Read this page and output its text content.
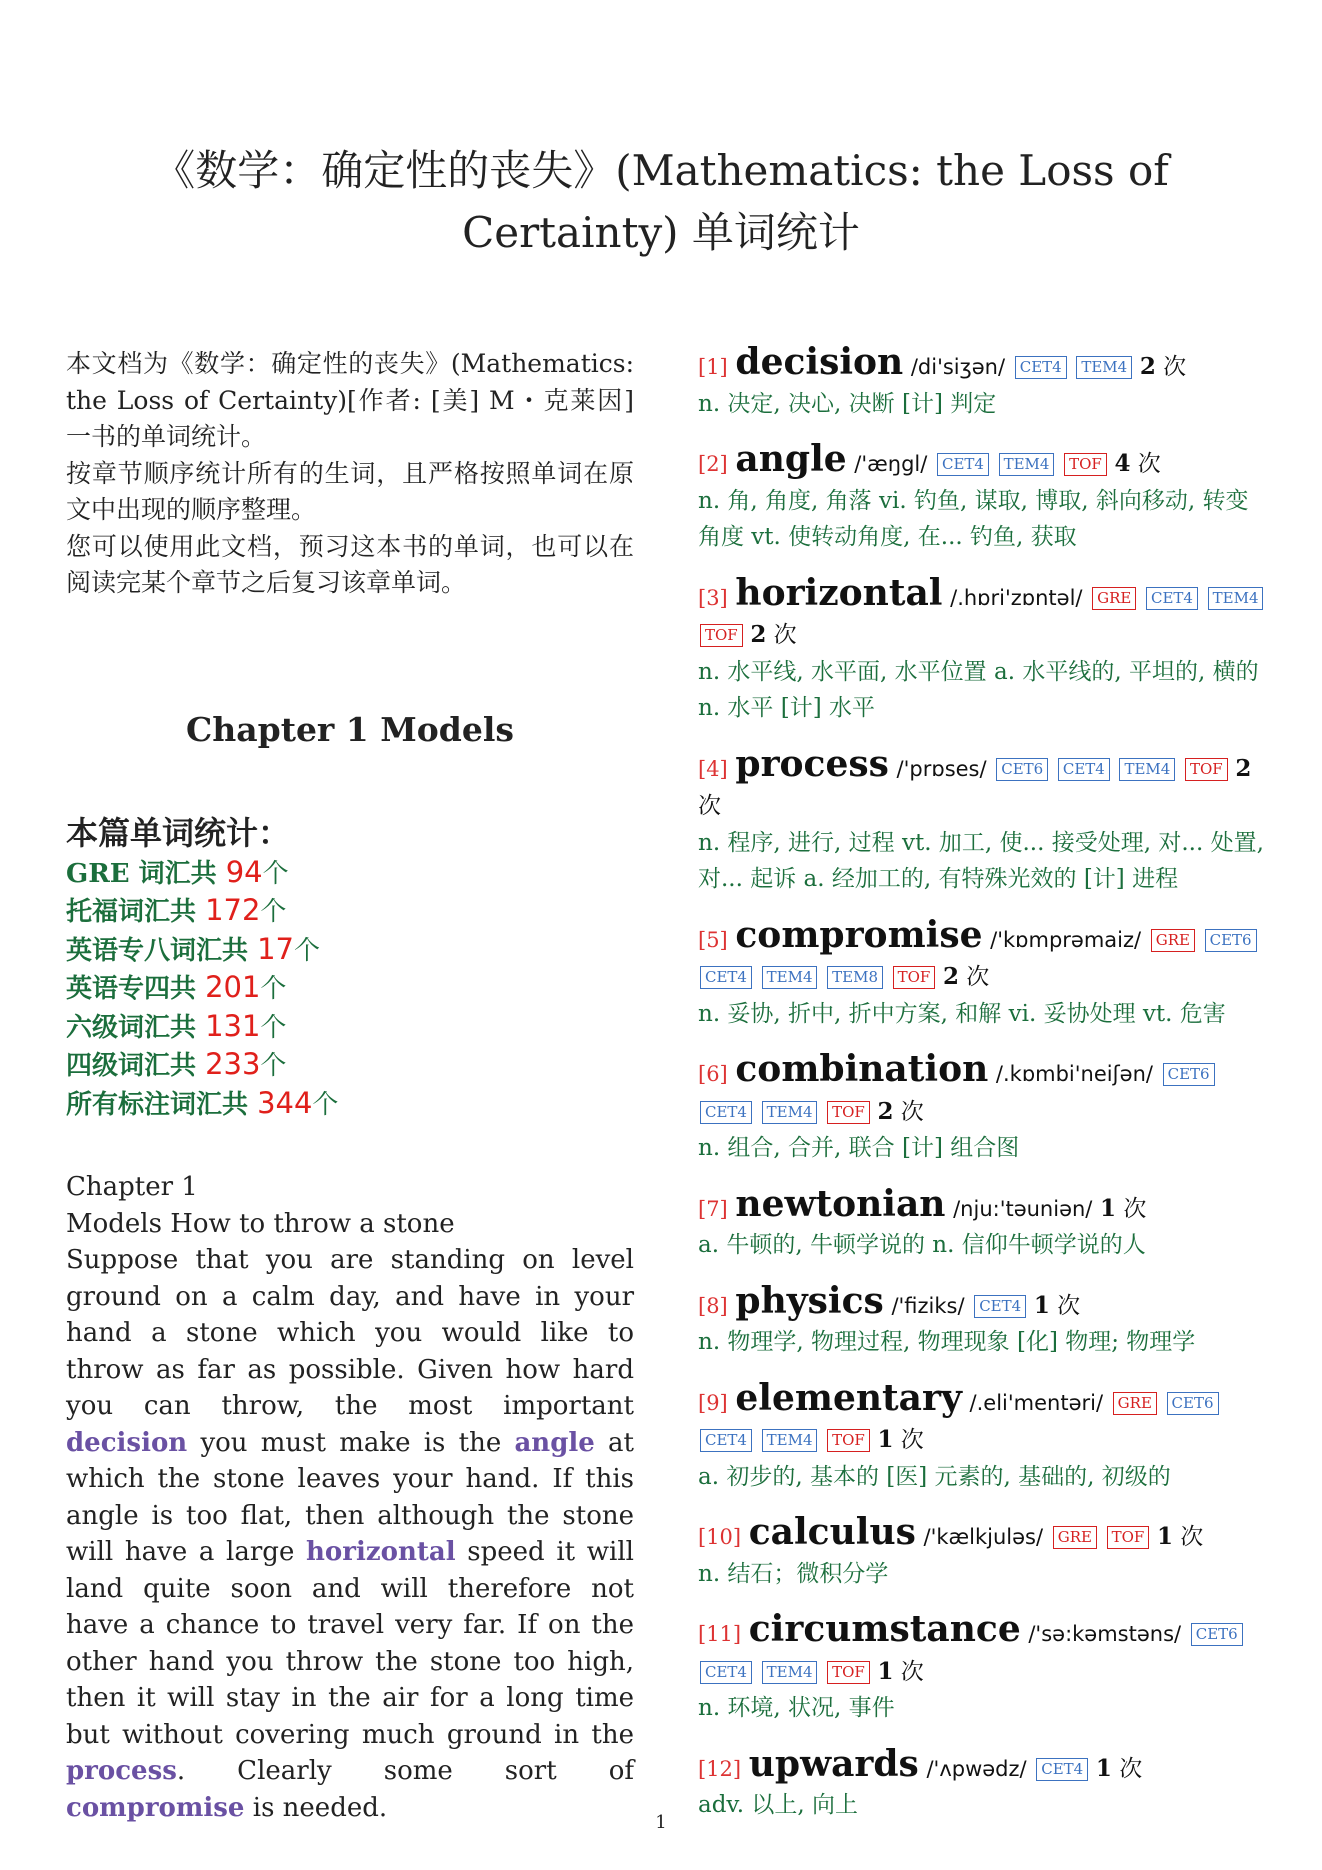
《数学：确定性的丧失》(Mathematics: the Loss of Certainty) 单词统计

本文档为《数学：确定性的丧失》(Mathematics: the Loss of Certainty)[作者: [美] M・克莱因] 一书的单词统计。

按章节顺序统计所有的生词，且严格按照单词在原文中出现的顺序整理。

您可以使用此文档，预习这本书的单词，也可以在阅读完某个章节之后复习该章单词。

Chapter 1 Models
本篇单词统计：
GRE 词汇共 94个
托福词汇共 172个
英语专八词汇共 17个
英语专四共 201个
六级词汇共 131个
四级词汇共 233个
所有标注词汇共 344个
Chapter 1
Models How to throw a stone
Suppose that you are standing on level ground on a calm day, and have in your hand a stone which you would like to throw as far as possible. Given how hard you can throw, the most important decision you must make is the angle at which the stone leaves your hand. If this angle is too flat, then although the stone will have a large horizontal speed it will land quite soon and will therefore not have a chance to travel very far. If on the other hand you throw the stone too high, then it will stay in the air for a long time but without covering much ground in the process. Clearly some sort of compromise is needed.
[1] decision /di'siʒən/ CET4 TEM4 2 次
n. 决定, 决心, 决断 [计] 判定
[2] angle /'æŋgl/ CET4 TEM4 TOF 4 次
n. 角, 角度, 角落 vi. 钓鱼, 谋取, 博取, 斜向移动, 转变角度 vt. 使转动角度, 在... 钓鱼, 获取
[3] horizontal /.hɒri'zɒntəl/ GRE CET4 TEM4 TOF 2 次
n. 水平线, 水平面, 水平位置 a. 水平线的, 平坦的, 横的 n. 水平 [计] 水平
[4] process /'prɒses/ CET6 CET4 TEM4 TOF 2 次
n. 程序, 进行, 过程 vt. 加工, 使... 接受处理, 对... 处置, 对... 起诉 a. 经加工的, 有特殊光效的 [计] 进程
[5] compromise /'kɒmprəmaiz/ GRE CET6 CET4 TEM4 TEM8 TOF 2 次
n. 妥协, 折中, 折中方案, 和解 vi. 妥协处理 vt. 危害
[6] combination /.kɒmbi'neiʃən/ CET6 CET4 TEM4 TOF 2 次
n. 组合, 合并, 联合 [计] 组合图
[7] newtonian /nju:'təuniən/ 1 次
a. 牛顿的, 牛顿学说的 n. 信仰牛顿学说的人
[8] physics /'fiziks/ CET4 1 次
n. 物理学, 物理过程, 物理现象 [化] 物理; 物理学
[9] elementary /.eli'mentəri/ GRE CET6 CET4 TEM4 TOF 1 次
a. 初步的, 基本的 [医] 元素的, 基础的, 初级的
[10] calculus /'kælkjuləs/ GRE TOF 1 次
n. 结石；微积分学
[11] circumstance /'sə:kəmstəns/ CET6 CET4 TEM4 TOF 1 次
n. 环境, 状况, 事件
[12] upwards /'ʌpwədz/ CET4 1 次
adv. 以上, 向上
1
